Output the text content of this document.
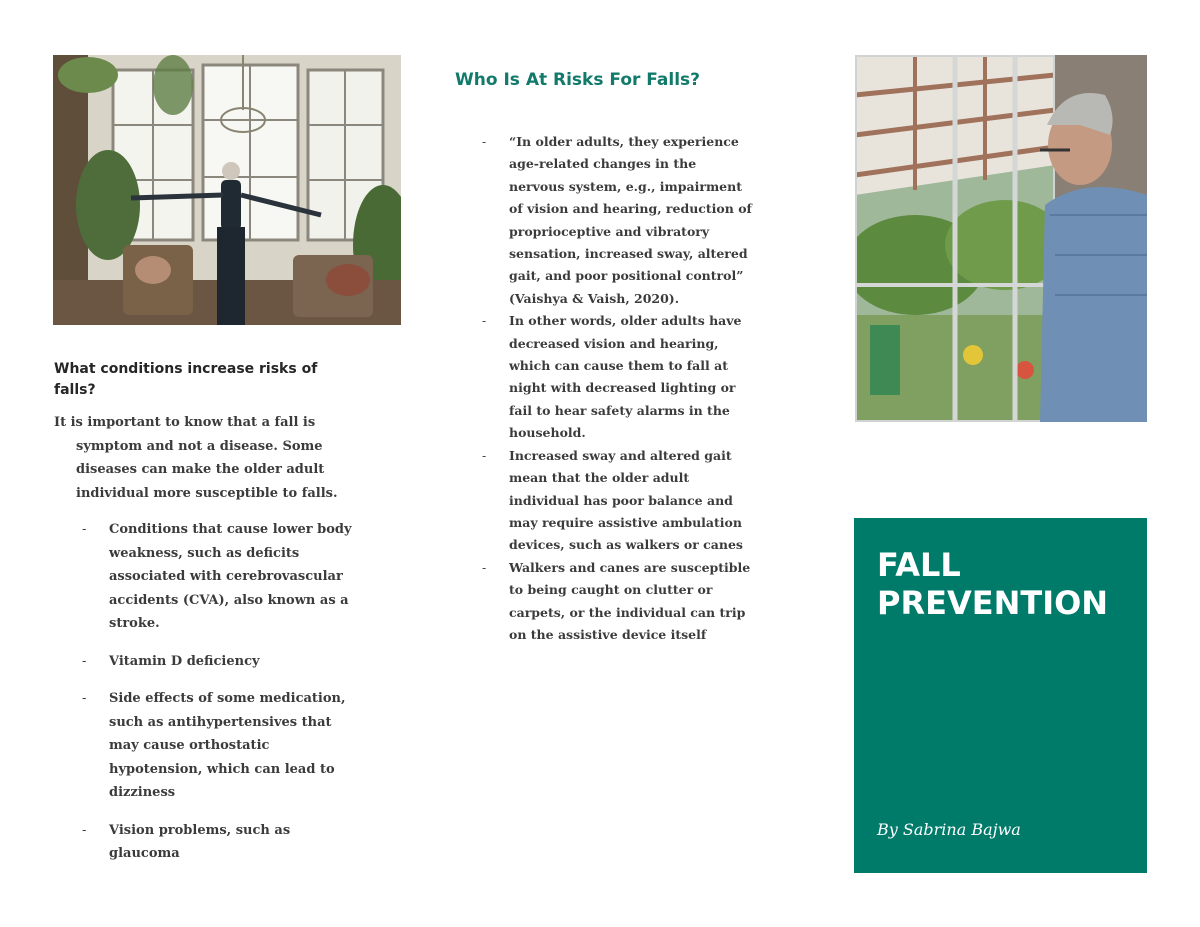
What conditions increase risks of falls?
It is important to know that a fall is symptom and not a disease. Some diseases can make the older adult individual more susceptible to falls.
- Conditions that cause lower body weakness, such as deficits associated with cerebrovascular accidents (CVA), also known as a stroke.
- Vitamin D deficiency
- Side effects of some medication, such as antihypertensives that may cause orthostatic hypotension, which can lead to dizziness
- Vision problems, such as glaucoma
Who Is At Risks For Falls?
- “In older adults, they experience age-related changes in the nervous system, e.g., impairment of vision and hearing, reduction of proprioceptive and vibratory sensation, increased sway, altered gait, and poor positional control” (Vaishya & Vaish, 2020).
- In other words, older adults have decreased vision and hearing, which can cause them to fall at night with decreased lighting or fail to hear safety alarms in the household.
- Increased sway and altered gait mean that the older adult individual has poor balance and may require assistive ambulation devices, such as walkers or canes
- Walkers and canes are susceptible to being caught on clutter or carpets, or the individual can trip on the assistive device itself
FALL
PREVENTION
By Sabrina Bajwa
